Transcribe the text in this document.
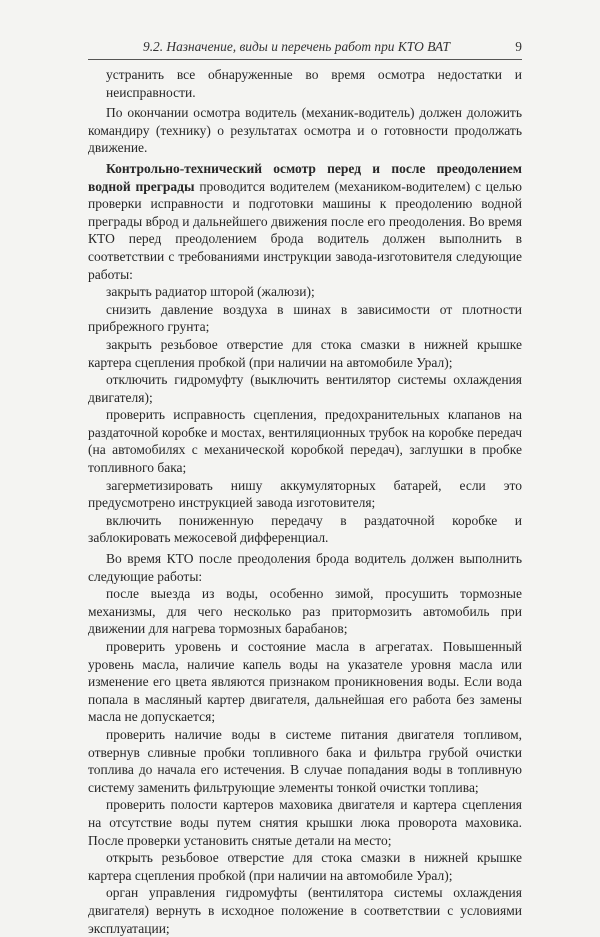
9.2. Назначение, виды и перечень работ при КТО ВАТ	9

устранить все обнаруженные во время осмотра недостатки и неисправности.

По окончании осмотра водитель (механик-водитель) должен доложить командиру (технику) о результатах осмотра и о готовности продолжать движение.

Контрольно-технический осмотр перед и после преодолением водной преграды проводится водителем (механиком-водителем) с целью проверки исправности и подготовки машины к преодолению водной преграды вброд и дальнейшего движения после его преодоления. Во время КТО перед преодолением брода водитель должен выполнить в соответствии с требованиями инструкции завода-изготовителя следующие работы:

закрыть радиатор шторой (жалюзи);

снизить давление воздуха в шинах в зависимости от плотности прибрежного грунта;

закрыть резьбовое отверстие для стока смазки в нижней крышке картера сцепления пробкой (при наличии на автомобиле Урал);

отключить гидромуфту (выключить вентилятор системы охлаждения двигателя);

проверить исправность сцепления, предохранительных клапанов на раздаточной коробке и мостах, вентиляционных трубок на коробке передач (на автомобилях с механической коробкой передач), заглушки в пробке топливного бака;

загерметизировать нишу аккумуляторных батарей, если это предусмотрено инструкцией завода изготовителя;

включить пониженную передачу в раздаточной коробке и заблокировать межосевой дифференциал.

Во время КТО после преодоления брода водитель должен выполнить следующие работы:

после выезда из воды, особенно зимой, просушить тормозные механизмы, для чего несколько раз притормозить автомобиль при движении для нагрева тормозных барабанов;

проверить уровень и состояние масла в агрегатах. Повышенный уровень масла, наличие капель воды на указателе уровня масла или изменение его цвета являются признаком проникновения воды. Если вода попала в масляный картер двигателя, дальнейшая его работа без замены масла не допускается;

проверить наличие воды в системе питания двигателя топливом, отвернув сливные пробки топливного бака и фильтра грубой очистки топлива до начала его истечения. В случае попадания воды в топливную систему заменить фильтрующие элементы тонкой очистки топлива;

проверить полости картеров маховика двигателя и картера сцепления на отсутствие воды путем снятия крышки люка проворота маховика. После проверки установить снятые детали на место;

открыть резьбовое отверстие для стока смазки в нижней крышке картера сцепления пробкой (при наличии на автомобиле Урал);

орган управления гидромуфты (вентилятора системы охлаждения двигателя) вернуть в исходное положение в соответствии с условиями эксплуатации;
